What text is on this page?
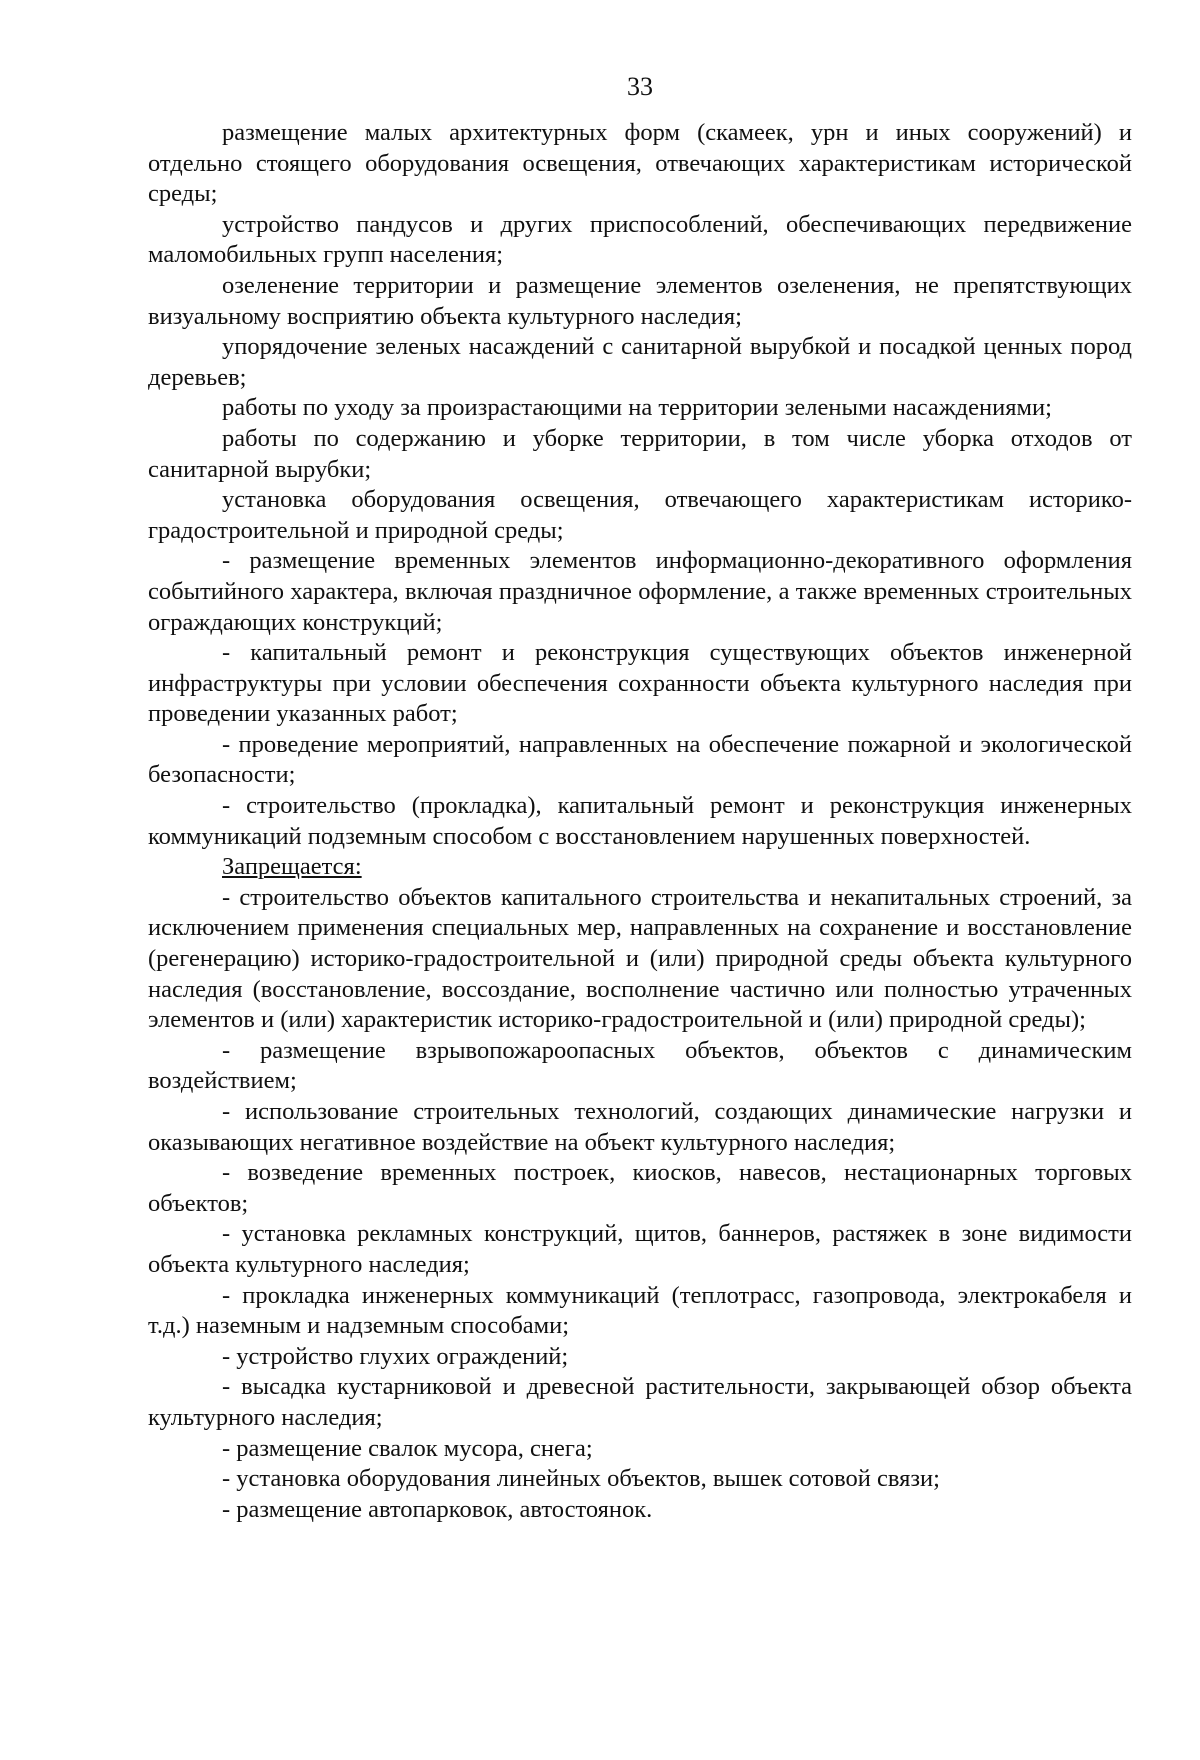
33

размещение малых архитектурных форм (скамеек, урн и иных сооружений) и отдельно стоящего оборудования освещения, отвечающих характеристикам исторической среды;

устройство пандусов и других приспособлений, обеспечивающих передвижение маломобильных групп населения;

озеленение территории и размещение элементов озеленения, не препятствующих визуальному восприятию объекта культурного наследия;

упорядочение зеленых насаждений с санитарной вырубкой и посадкой ценных пород деревьев;

работы по уходу за произрастающими на территории зелеными насаждениями;

работы по содержанию и уборке территории, в том числе уборка отходов от санитарной вырубки;

установка оборудования освещения, отвечающего характеристикам историко-градостроительной и природной среды;

- размещение временных элементов информационно-декоративного оформления событийного характера, включая праздничное оформление, а также временных строительных ограждающих конструкций;

- капитальный ремонт и реконструкция существующих объектов инженерной инфраструктуры при условии обеспечения сохранности объекта культурного наследия при проведении указанных работ;

- проведение мероприятий, направленных на обеспечение пожарной и экологической безопасности;

- строительство (прокладка), капитальный ремонт и реконструкция инженерных коммуникаций подземным способом с восстановлением нарушенных поверхностей.

Запрещается:

- строительство объектов капитального строительства и некапитальных строений, за исключением применения специальных мер, направленных на сохранение и восстановление (регенерацию) историко-градостроительной и (или) природной среды объекта культурного наследия (восстановление, воссоздание, восполнение частично или полностью утраченных элементов и (или) характеристик историко-градостроительной и (или) природной среды);

- размещение взрывопожароопасных объектов, объектов с динамическим воздействием;

- использование строительных технологий, создающих динамические нагрузки и оказывающих негативное воздействие на объект культурного наследия;

- возведение временных построек, киосков, навесов, нестационарных торговых объектов;

- установка рекламных конструкций, щитов, баннеров, растяжек в зоне видимости объекта культурного наследия;

- прокладка инженерных коммуникаций (теплотрасс, газопровода, электрокабеля и т.д.) наземным и надземным способами;

- устройство глухих ограждений;

- высадка кустарниковой и древесной растительности, закрывающей обзор объекта культурного наследия;

- размещение свалок мусора, снега;

- установка оборудования линейных объектов, вышек сотовой связи;

- размещение автопарковок, автостоянок.
